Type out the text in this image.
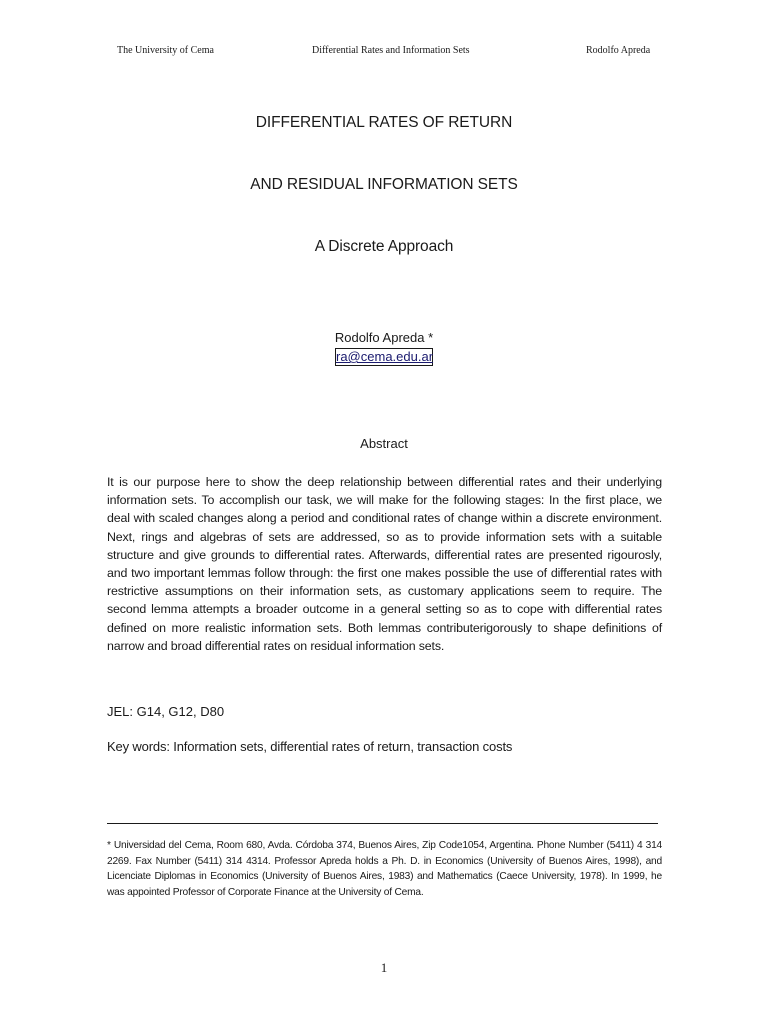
The University of Cema	Differential Rates and Information Sets	Rodolfo Apreda
DIFFERENTIAL RATES OF RETURN
AND RESIDUAL INFORMATION SETS
A Discrete Approach
Rodolfo Apreda *
ra@cema.edu.ar
Abstract
It is our purpose here to show the deep relationship between differential rates and their underlying information sets. To accomplish our task, we will make for the following stages: In the first place, we deal with scaled changes along a period and conditional rates of change within a discrete environment. Next, rings and algebras of sets are addressed, so as to provide information sets with a suitable structure and give grounds to differential rates. Afterwards, differential rates are presented rigourosly, and two important lemmas follow through: the first one makes possible the use of differential rates with restrictive assumptions on their information sets, as customary applications seem to require. The second lemma attempts a broader outcome in a general setting so as to cope with differential rates defined on more realistic information sets. Both lemmas contributerigorously to shape definitions of narrow and broad differential rates on residual information sets.
JEL: G14, G12, D80
Key words: Information sets, differential rates of return, transaction costs
* Universidad del Cema, Room 680, Avda. Córdoba 374, Buenos Aires, Zip Code1054, Argentina. Phone Number (5411) 4 314 2269. Fax Number (5411) 314 4314. Professor Apreda holds a Ph. D. in Economics (University of Buenos Aires, 1998), and Licenciate Diplomas in Economics (University of Buenos Aires, 1983) and Mathematics (Caece University, 1978). In 1999, he was appointed Professor of Corporate Finance at the University of Cema.
1
